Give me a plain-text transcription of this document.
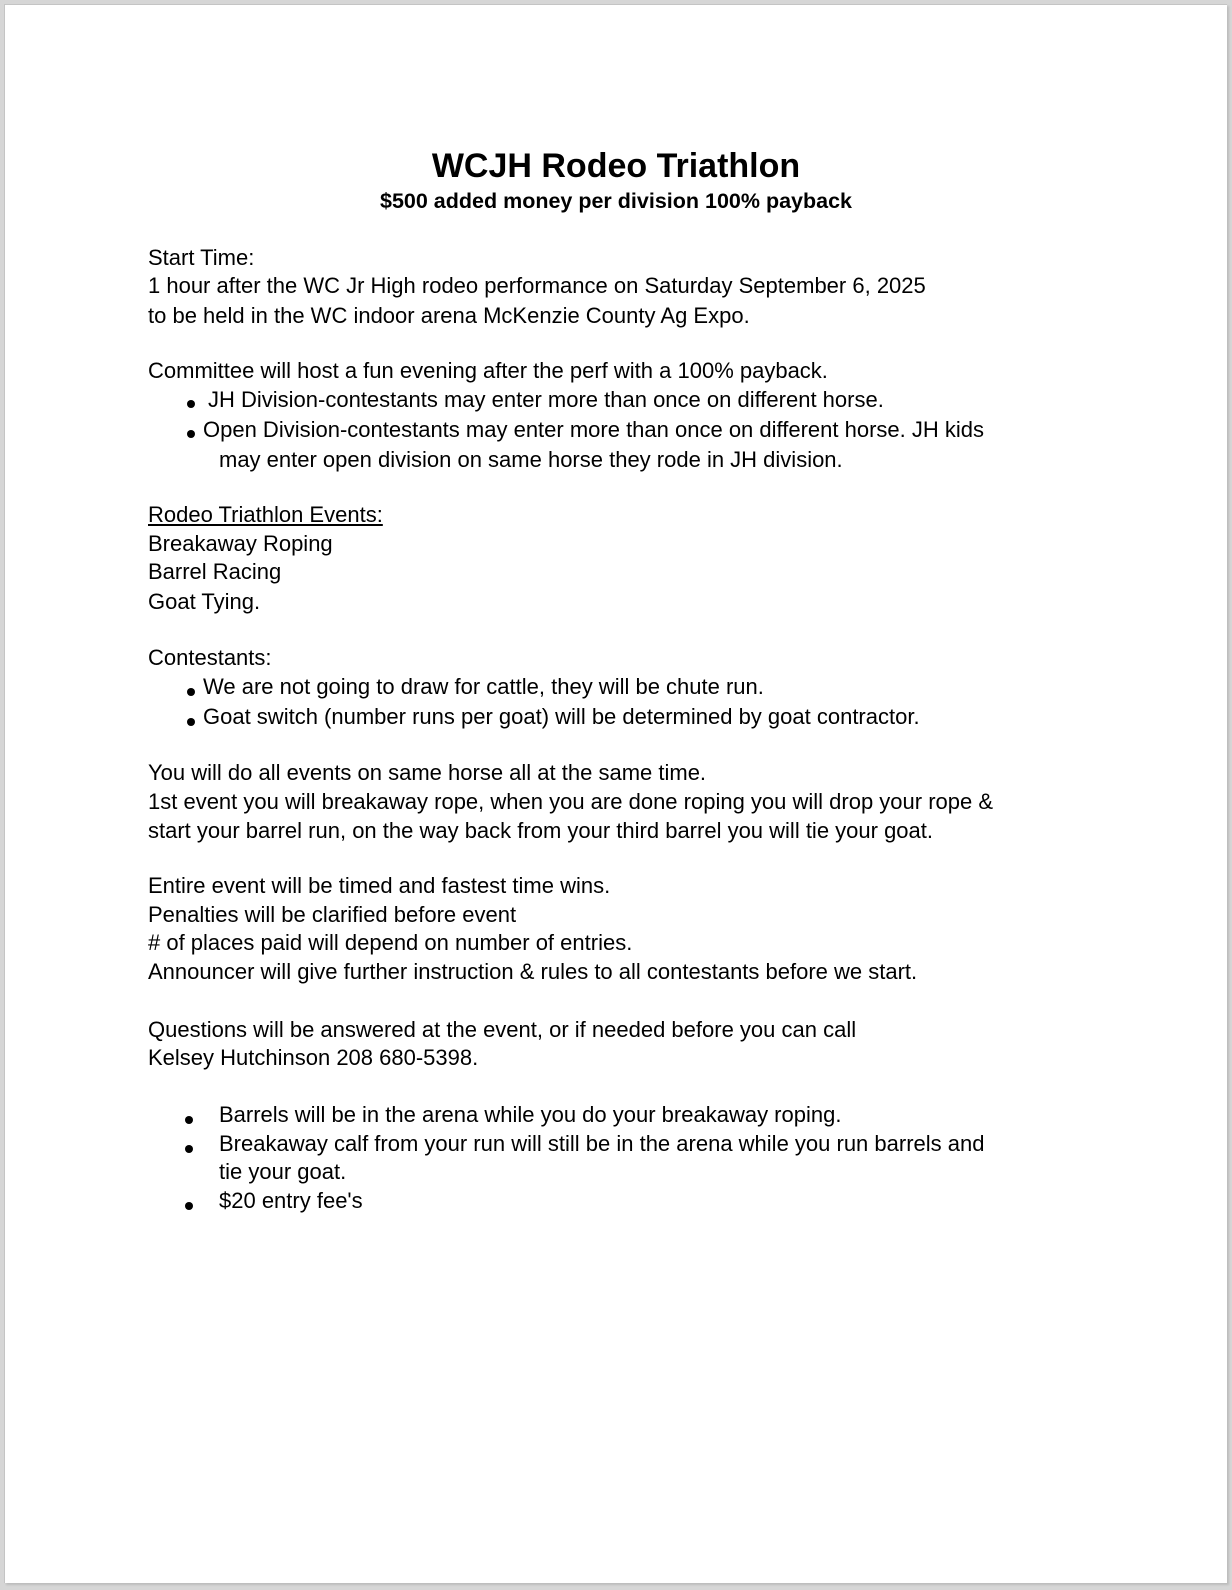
WCJH Rodeo Triathlon
$500 added money per division 100% payback

Start Time:

1 hour after the WC Jr High rodeo performance on Saturday September 6, 2025

to be held in the WC indoor arena McKenzie County Ag Expo.

Committee will host a fun evening after the perf with a 100% payback.

JH Division-contestants may enter more than once on different horse.
Open Division-contestants may enter more than once on different horse. JH kids
may enter open division on same horse they rode in JH division.

Rodeo Triathlon Events:

Breakaway Roping

Barrel Racing

Goat Tying.

Contestants:

We are not going to draw for cattle, they will be chute run.
Goat switch (number runs per goat) will be determined by goat contractor.

You will do all events on same horse all at the same time.

1st event you will breakaway rope, when you are done roping you will drop your rope &

start your barrel run, on the way back from your third barrel you will tie your goat.

Entire event will be timed and fastest time wins.

Penalties will be clarified before event

# of places paid will depend on number of entries.

Announcer will give further instruction & rules to all contestants before we start.

Questions will be answered at the event, or if needed before you can call

Kelsey Hutchinson 208 680-5398.

Barrels will be in the arena while you do your breakaway roping.
Breakaway calf from your run will still be in the arena while you run barrels and
tie your goat.
$20 entry fee's
